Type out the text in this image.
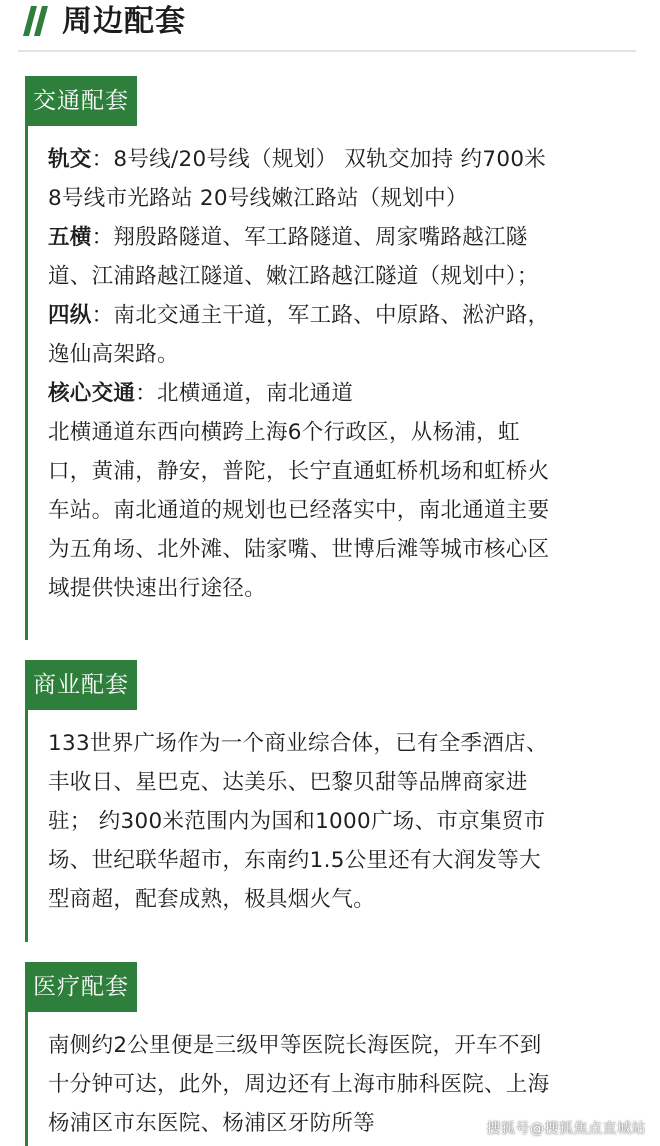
周边配套
交通配套
轨交：8号线/20号线（规划） 双轨交加持 约700米
8号线市光路站 20号线嫩江路站（规划中）
五横：翔殷路隧道、军工路隧道、周家嘴路越江隧
道、江浦路越江隧道、嫩江路越江隧道（规划中）；
四纵：南北交通主干道，军工路、中原路、淞沪路，
逸仙高架路。
核心交通：北横通道，南北通道
北横通道东西向横跨上海6个行政区，从杨浦，虹
口，黄浦，静安，普陀，长宁直通虹桥机场和虹桥火
车站。南北通道的规划也已经落实中，南北通道主要
为五角场、北外滩、陆家嘴、世博后滩等城市核心区
域提供快速出行途径。
商业配套
133世界广场作为一个商业综合体，已有全季酒店、
丰收日、星巴克、达美乐、巴黎贝甜等品牌商家进
驻； 约300米范围内为国和1000广场、市京集贸市
场、世纪联华超市，东南约1.5公里还有大润发等大
型商超，配套成熟，极具烟火气。
医疗配套
南侧约2公里便是三级甲等医院长海医院，开车不到
十分钟可达，此外，周边还有上海市肺科医院、上海
杨浦区市东医院、杨浦区牙防所等	搜狐号@搜狐焦点直城站
